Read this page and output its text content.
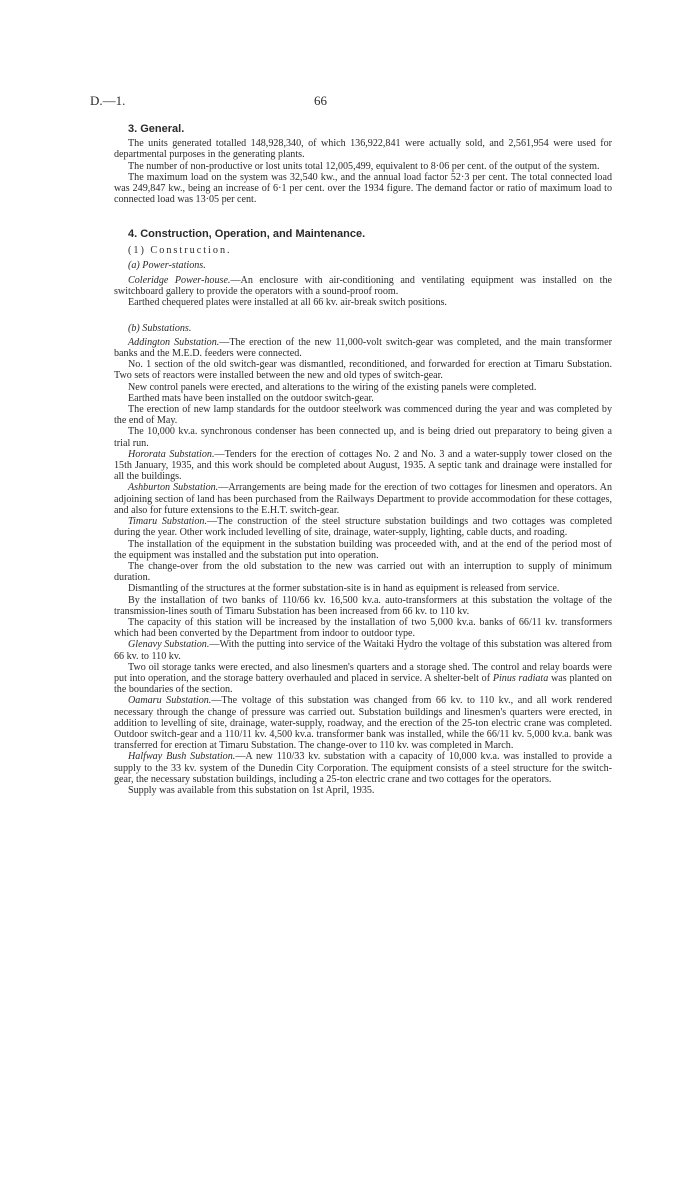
D.—1.	66

3. General.

The units generated totalled 148,928,340, of which 136,922,841 were actually sold, and 2,561,954 were used for departmental purposes in the generating plants.

The number of non-productive or lost units total 12,005,499, equivalent to 8·06 per cent. of the output of the system.

The maximum load on the system was 32,540 kw., and the annual load factor 52·3 per cent. The total connected load was 249,847 kw., being an increase of 6·1 per cent. over the 1934 figure. The demand factor or ratio of maximum load to connected load was 13·05 per cent.

4. Construction, Operation, and Maintenance.

(1) Construction.

(a) Power-stations.

Coleridge Power-house.—An enclosure with air-conditioning and ventilating equipment was installed on the switchboard gallery to provide the operators with a sound-proof room.

Earthed chequered plates were installed at all 66 kv. air-break switch positions.

(b) Substations.

Addington Substation.—The erection of the new 11,000-volt switch-gear was completed, and the main transformer banks and the M.E.D. feeders were connected.

No. 1 section of the old switch-gear was dismantled, reconditioned, and forwarded for erection at Timaru Substation. Two sets of reactors were installed between the new and old types of switch-gear.

New control panels were erected, and alterations to the wiring of the existing panels were completed.

Earthed mats have been installed on the outdoor switch-gear.

The erection of new lamp standards for the outdoor steelwork was commenced during the year and was completed by the end of May.

The 10,000 kv.a. synchronous condenser has been connected up, and is being dried out preparatory to being given a trial run.

Hororata Substation.—Tenders for the erection of cottages No. 2 and No. 3 and a water-supply tower closed on the 15th January, 1935, and this work should be completed about August, 1935. A septic tank and drainage were installed for all the buildings.

Ashburton Substation.—Arrangements are being made for the erection of two cottages for linesmen and operators. An adjoining section of land has been purchased from the Railways Department to provide accommodation for these cottages, and also for future extensions to the E.H.T. switch-gear.

Timaru Substation.—The construction of the steel structure substation buildings and two cottages was completed during the year. Other work included levelling of site, drainage, water-supply, lighting, cable ducts, and roading.

The installation of the equipment in the substation building was proceeded with, and at the end of the period most of the equipment was installed and the substation put into operation.

The change-over from the old substation to the new was carried out with an interruption to supply of minimum duration.

Dismantling of the structures at the former substation-site is in hand as equipment is released from service.

By the installation of two banks of 110/66 kv. 16,500 kv.a. auto-transformers at this substation the voltage of the transmission-lines south of Timaru Substation has been increased from 66 kv. to 110 kv.

The capacity of this station will be increased by the installation of two 5,000 kv.a. banks of 66/11 kv. transformers which had been converted by the Department from indoor to outdoor type.

Glenavy Substation.—With the putting into service of the Waitaki Hydro the voltage of this substation was altered from 66 kv. to 110 kv.

Two oil storage tanks were erected, and also linesmen's quarters and a storage shed. The control and relay boards were put into operation, and the storage battery overhauled and placed in service. A shelter-belt of Pinus radiata was planted on the boundaries of the section.

Oamaru Substation.—The voltage of this substation was changed from 66 kv. to 110 kv., and all work rendered necessary through the change of pressure was carried out. Substation buildings and linesmen's quarters were erected, in addition to levelling of site, drainage, water-supply, roadway, and the erection of the 25-ton electric crane was completed. Outdoor switch-gear and a 110/11 kv. 4,500 kv.a. transformer bank was installed, while the 66/11 kv. 5,000 kv.a. bank was transferred for erection at Timaru Substation. The change-over to 110 kv. was completed in March.

Halfway Bush Substation.—A new 110/33 kv. substation with a capacity of 10,000 kv.a. was installed to provide a supply to the 33 kv. system of the Dunedin City Corporation. The equipment consists of a steel structure for the switch-gear, the necessary substation buildings, including a 25-ton electric crane and two cottages for the operators.

Supply was available from this substation on 1st April, 1935.
